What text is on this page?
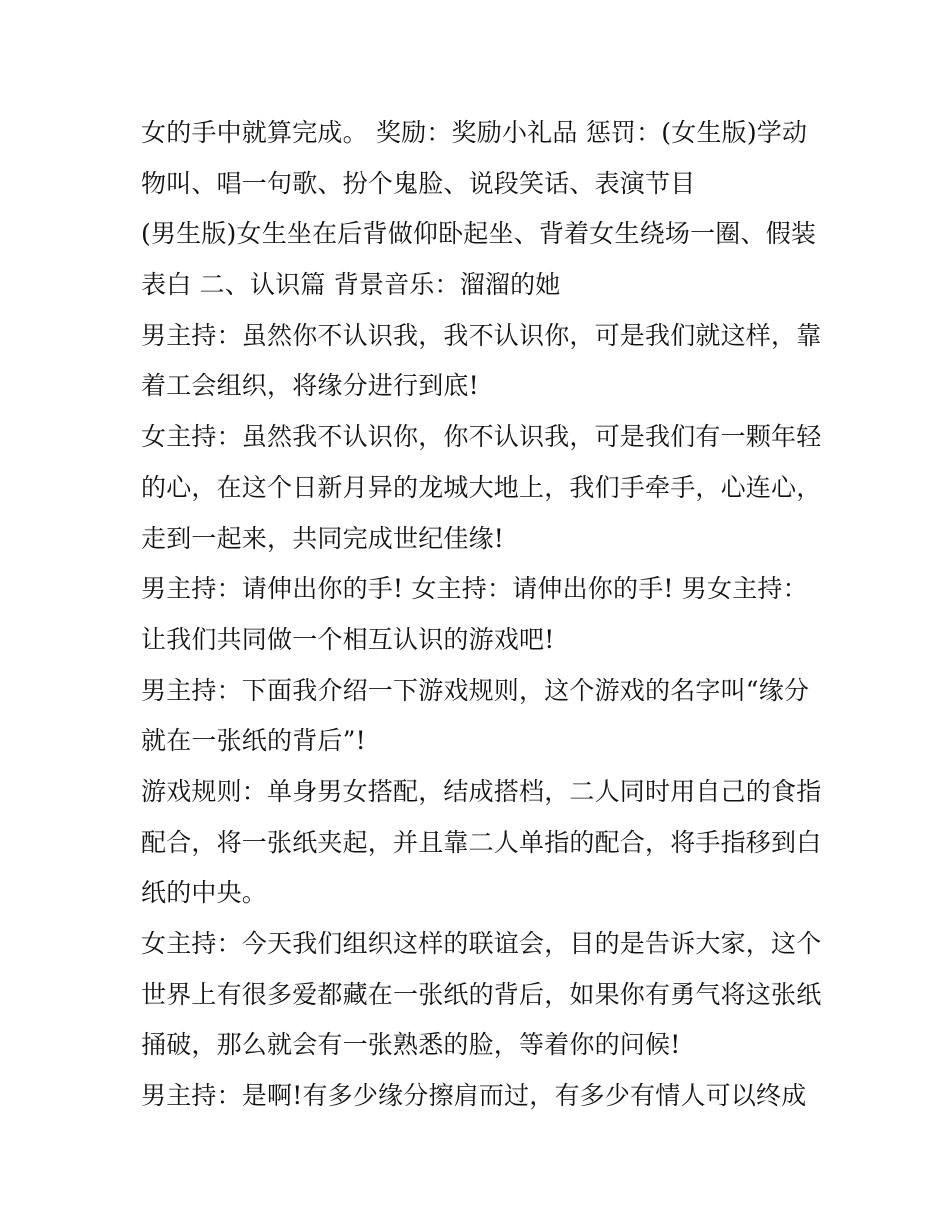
女的手中就算完成。 奖励：奖励小礼品 惩罚：(女生版)学动
物叫、唱一句歌、扮个鬼脸、说段笑话、表演节目
(男生版)女生坐在后背做仰卧起坐、背着女生绕场一圈、假装
表白 二、认识篇 背景音乐：溜溜的她
男主持：虽然你不认识我，我不认识你，可是我们就这样，靠
着工会组织，将缘分进行到底!
女主持：虽然我不认识你，你不认识我，可是我们有一颗年轻
的心，在这个日新月异的龙城大地上，我们手牵手，心连心，
走到一起来，共同完成世纪佳缘!
男主持：请伸出你的手! 女主持：请伸出你的手! 男女主持：
让我们共同做一个相互认识的游戏吧!
男主持：下面我介绍一下游戏规则，这个游戏的名字叫“缘分
就在一张纸的背后”!
游戏规则：单身男女搭配，结成搭档，二人同时用自己的食指
配合，将一张纸夹起，并且靠二人单指的配合，将手指移到白
纸的中央。
女主持：今天我们组织这样的联谊会，目的是告诉大家，这个
世界上有很多爱都藏在一张纸的背后，如果你有勇气将这张纸
捅破，那么就会有一张熟悉的脸，等着你的问候!
男主持：是啊!有多少缘分擦肩而过，有多少有情人可以终成
